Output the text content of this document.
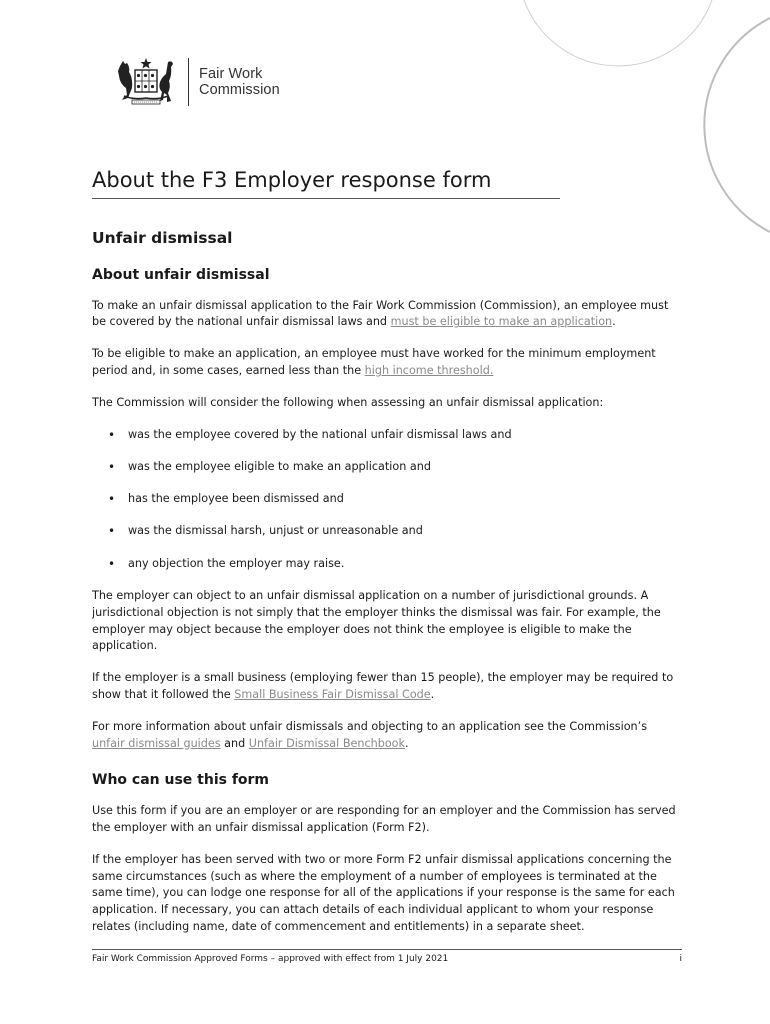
Fair Work
Commission
About the F3 Employer response form
Unfair dismissal
About unfair dismissal

To make an unfair dismissal application to the Fair Work Commission (Commission), an employee must be covered by the national unfair dismissal laws and must be eligible to make an application.

To be eligible to make an application, an employee must have worked for the minimum employment period and, in some cases, earned less than the high income threshold.

The Commission will consider the following when assessing an unfair dismissal application:

• was the employee covered by the national unfair dismissal laws and
• was the employee eligible to make an application and
• has the employee been dismissed and
• was the dismissal harsh, unjust or unreasonable and
• any objection the employer may raise.

The employer can object to an unfair dismissal application on a number of jurisdictional grounds. A jurisdictional objection is not simply that the employer thinks the dismissal was fair. For example, the employer may object because the employer does not think the employee is eligible to make the application.

If the employer is a small business (employing fewer than 15 people), the employer may be required to show that it followed the Small Business Fair Dismissal Code.

For more information about unfair dismissals and objecting to an application see the Commission’s unfair dismissal guides and Unfair Dismissal Benchbook.

Who can use this form

Use this form if you are an employer or are responding for an employer and the Commission has served the employer with an unfair dismissal application (Form F2).

If the employer has been served with two or more Form F2 unfair dismissal applications concerning the same circumstances (such as where the employment of a number of employees is terminated at the same time), you can lodge one response for all of the applications if your response is the same for each application. If necessary, you can attach details of each individual applicant to whom your response relates (including name, date of commencement and entitlements) in a separate sheet.

Fair Work Commission Approved Forms – approved with effect from 1 July 2021	i
